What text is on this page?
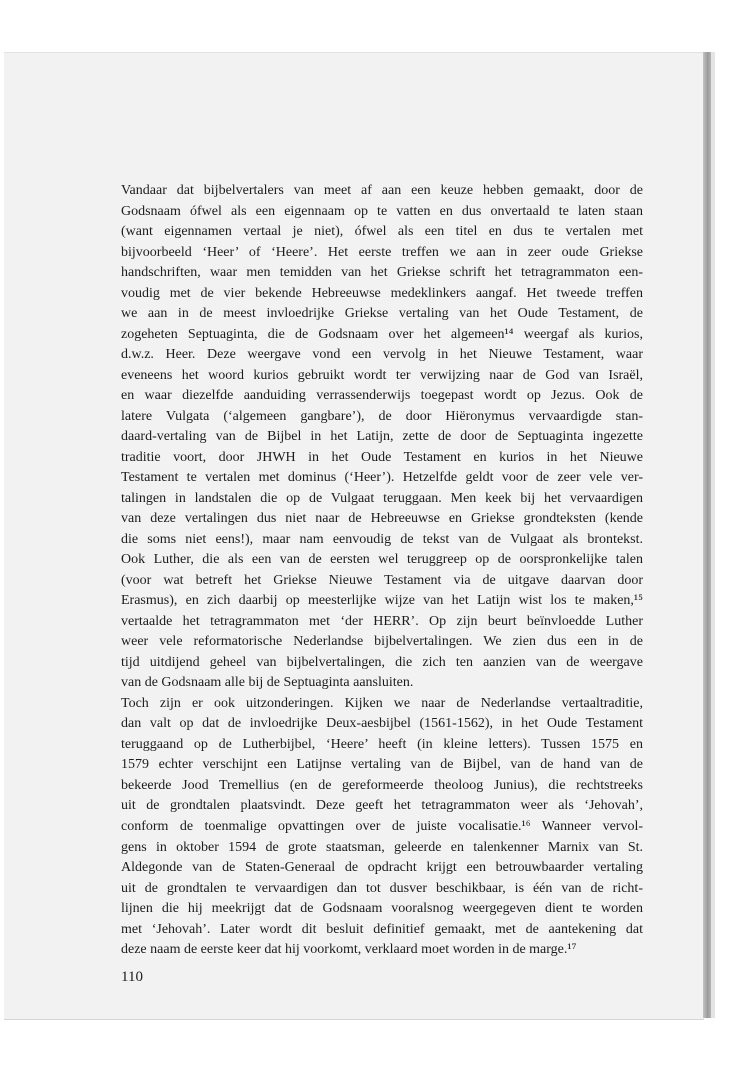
Vandaar dat bijbelvertalers van meet af aan een keuze hebben gemaakt, door de
Godsnaam ófwel als een eigennaam op te vatten en dus onvertaald te laten staan
(want eigennamen vertaal je niet), ófwel als een titel en dus te vertalen met
bijvoorbeeld ‘Heer’ of ‘Heere’. Het eerste treffen we aan in zeer oude Griekse
handschriften, waar men temidden van het Griekse schrift het tetragrammaton een-
voudig met de vier bekende Hebreeuwse medeklinkers aangaf. Het tweede treffen
we aan in de meest invloedrijke Griekse vertaling van het Oude Testament, de
zogeheten Septuaginta, die de Godsnaam over het algemeen¹⁴ weergaf als kurios,
d.w.z. Heer. Deze weergave vond een vervolg in het Nieuwe Testament, waar
eveneens het woord kurios gebruikt wordt ter verwijzing naar de God van Israël,
en waar diezelfde aanduiding verrassenderwijs toegepast wordt op Jezus. Ook de
latere Vulgata (‘algemeen gangbare’), de door Hiëronymus vervaardigde stan-
daard-vertaling van de Bijbel in het Latijn, zette de door de Septuaginta ingezette
traditie voort, door JHWH in het Oude Testament en kurios in het Nieuwe
Testament te vertalen met dominus (‘Heer’). Hetzelfde geldt voor de zeer vele ver-
talingen in landstalen die op de Vulgaat teruggaan. Men keek bij het vervaardigen
van deze vertalingen dus niet naar de Hebreeuwse en Griekse grondteksten (kende
die soms niet eens!), maar nam eenvoudig de tekst van de Vulgaat als brontekst.
Ook Luther, die als een van de eersten wel teruggreep op de oorspronkelijke talen
(voor wat betreft het Griekse Nieuwe Testament via de uitgave daarvan door
Erasmus), en zich daarbij op meesterlijke wijze van het Latijn wist los te maken,¹⁵
vertaalde het tetragrammaton met ‘der HERR’. Op zijn beurt beïnvloedde Luther
weer vele reformatorische Nederlandse bijbelvertalingen. We zien dus een in de
tijd uitdijend geheel van bijbelvertalingen, die zich ten aanzien van de weergave
van de Godsnaam alle bij de Septuaginta aansluiten.
Toch zijn er ook uitzonderingen. Kijken we naar de Nederlandse vertaaltraditie,
dan valt op dat de invloedrijke Deux-aesbijbel (1561-1562), in het Oude Testament
teruggaand op de Lutherbijbel, ‘Heere’ heeft (in kleine letters). Tussen 1575 en
1579 echter verschijnt een Latijnse vertaling van de Bijbel, van de hand van de
bekeerde Jood Tremellius (en de gereformeerde theoloog Junius), die rechtstreeks
uit de grondtalen plaatsvindt. Deze geeft het tetragrammaton weer als ‘Jehovah’,
conform de toenmalige opvattingen over de juiste vocalisatie.¹⁶ Wanneer vervol-
gens in oktober 1594 de grote staatsman, geleerde en talenkenner Marnix van St.
Aldegonde van de Staten-Generaal de opdracht krijgt een betrouwbaarder vertaling
uit de grondtalen te vervaardigen dan tot dusver beschikbaar, is één van de richt-
lijnen die hij meekrijgt dat de Godsnaam vooralsnog weergegeven dient te worden
met ‘Jehovah’. Later wordt dit besluit definitief gemaakt, met de aantekening dat
deze naam de eerste keer dat hij voorkomt, verklaard moet worden in de marge.¹⁷
110
